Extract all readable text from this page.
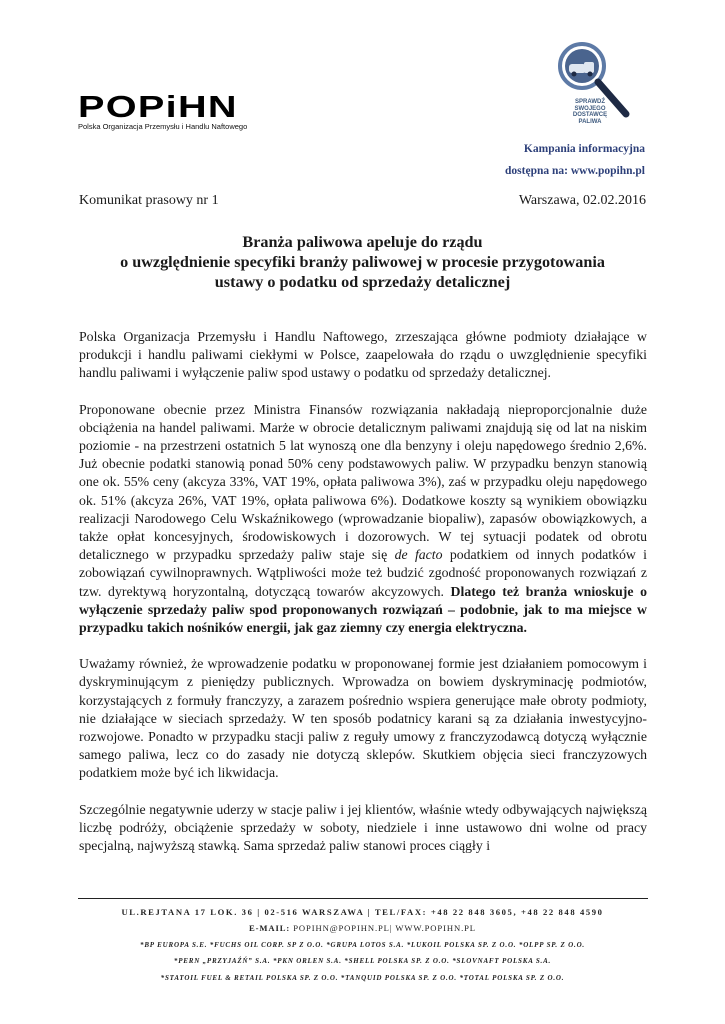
POPiHN
Polska Organizacja Przemysłu i Handlu Naftowego
SPRAWDŹ
SWOJEGO
DOSTAWCĘ
PALIWA
Kampania informacyjna
dostępna na: www.popihn.pl
Komunikat prasowy nr 1	Warszawa, 02.02.2016
Branża paliwowa apeluje do rządu
o uwzględnienie specyfiki branży paliwowej w procesie przygotowania
ustawy o podatku od sprzedaży detalicznej

Polska Organizacja Przemysłu i Handlu Naftowego, zrzeszająca główne podmioty działające w produkcji i handlu paliwami ciekłymi w Polsce, zaapelowała do rządu o uwzględnienie specyfiki handlu paliwami i wyłączenie paliw spod ustawy o podatku od sprzedaży detalicznej.

Proponowane obecnie przez Ministra Finansów rozwiązania nakładają nieproporcjonalnie duże obciążenia na handel paliwami. Marże w obrocie detalicznym paliwami znajdują się od lat na niskim poziomie - na przestrzeni ostatnich 5 lat wynoszą one dla benzyny i oleju napędowego średnio 2,6%. Już obecnie podatki stanowią ponad 50% ceny podstawowych paliw. W przypadku benzyn stanowią one ok. 55% ceny (akcyza 33%, VAT 19%, opłata paliwowa 3%), zaś w przypadku oleju napędowego ok. 51% (akcyza 26%, VAT 19%, opłata paliwowa 6%). Dodatkowe koszty są wynikiem obowiązku realizacji Narodowego Celu Wskaźnikowego (wprowadzanie biopaliw), zapasów obowiązkowych, a także opłat koncesyjnych, środowiskowych i dozorowych. W tej sytuacji podatek od obrotu detalicznego w przypadku sprzedaży paliw staje się de facto podatkiem od innych podatków i zobowiązań cywilnoprawnych. Wątpliwości może też budzić zgodność proponowanych rozwiązań z tzw. dyrektywą horyzontalną, dotyczącą towarów akcyzowych. Dlatego też branża wnioskuje o wyłączenie sprzedaży paliw spod proponowanych rozwiązań – podobnie, jak to ma miejsce w przypadku takich nośników energii, jak gaz ziemny czy energia elektryczna.

Uważamy również, że wprowadzenie podatku w proponowanej formie jest działaniem pomocowym i dyskryminującym z pieniędzy publicznych. Wprowadza on bowiem dyskryminację podmiotów, korzystających z formuły franczyzy, a zarazem pośrednio wspiera generujące małe obroty podmioty, nie działające w sieciach sprzedaży. W ten sposób podatnicy karani są za działania inwestycyjno-rozwojowe. Ponadto w przypadku stacji paliw z reguły umowy z franczyzodawcą dotyczą wyłącznie samego paliwa, lecz co do zasady nie dotyczą sklepów. Skutkiem objęcia sieci franczyzowych podatkiem może być ich likwidacja.

Szczególnie negatywnie uderzy w stacje paliw i jej klientów, właśnie wtedy odbywających największą liczbę podróży, obciążenie sprzedaży w soboty, niedziele i inne ustawowo dni wolne od pracy specjalną, najwyższą stawką. Sama sprzedaż paliw stanowi proces ciągły i

UL.REJTANA 17 LOK. 36 | 02-516 WARSZAWA | TEL/FAX: +48 22 848 3605, +48 22 848 4590
E-MAIL: POPIHN@POPIHN.PL| WWW.POPIHN.PL
*BP EUROPA S.E. *FUCHS OIL CORP. SP Z O.O. *GRUPA LOTOS S.A. *LUKOIL POLSKA SP. Z O.O. *OLPP SP. Z O.O.
*PERN „PRZYJAŹŃ” S.A. *PKN ORLEN S.A. *SHELL POLSKA SP. Z O.O. *SLOVNAFT POLSKA S.A.
*STATOIL FUEL & RETAIL POLSKA SP. Z O.O. *TANQUID POLSKA SP. Z O.O. *TOTAL POLSKA SP. Z O.O.
